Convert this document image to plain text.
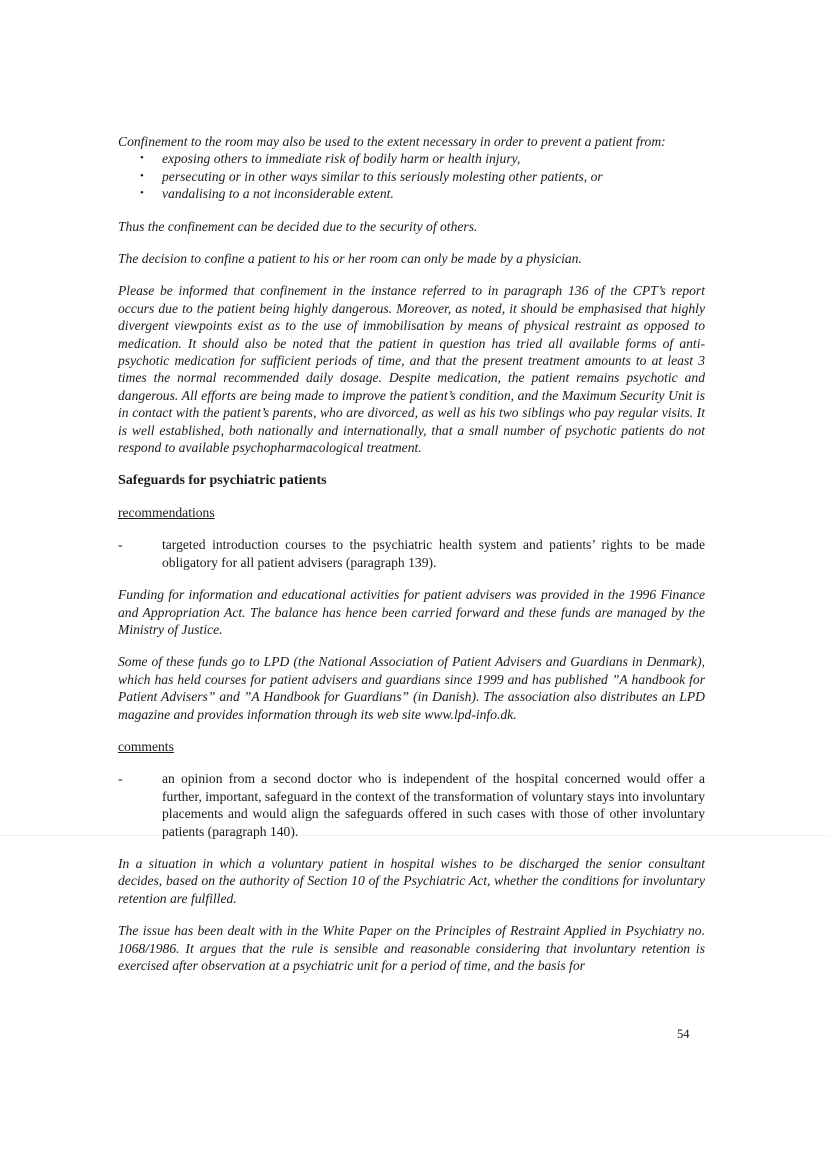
Confinement to the room may also be used to the extent necessary in order to prevent a patient from:

• exposing others to immediate risk of bodily harm or health injury,
• persecuting or in other ways similar to this seriously molesting other patients, or
• vandalising to a not inconsiderable extent.

Thus the confinement can be decided due to the security of others.

The decision to confine a patient to his or her room can only be made by a physician.

Please be informed that confinement in the instance referred to in paragraph 136 of the CPT’s report occurs due to the patient being highly dangerous. Moreover, as noted, it should be emphasised that highly divergent viewpoints exist as to the use of immobilisation by means of physical restraint as opposed to medication. It should also be noted that the patient in question has tried all available forms of anti-psychotic medication for sufficient periods of time, and that the present treatment amounts to at least 3 times the normal recommended daily dosage. Despite medication, the patient remains psychotic and dangerous. All efforts are being made to improve the patient’s condition, and the Maximum Security Unit is in contact with the patient’s parents, who are divorced, as well as his two siblings who pay regular visits. It is well established, both nationally and internationally, that a small number of psychotic patients do not respond to available psychopharmacological treatment.

Safeguards for psychiatric patients

recommendations

-	targeted introduction courses to the psychiatric health system and patients’ rights to be made obligatory for all patient advisers (paragraph 139).

Funding for information and educational activities for patient advisers was provided in the 1996 Finance and Appropriation Act. The balance has hence been carried forward and these funds are managed by the Ministry of Justice.

Some of these funds go to LPD (the National Association of Patient Advisers and Guardians in Denmark), which has held courses for patient advisers and guardians since 1999 and has published ”A handbook for Patient Advisers” and ”A Handbook for Guardians” (in Danish). The association also distributes an LPD magazine and provides information through its web site www.lpd-info.dk.

comments

-	an opinion from a second doctor who is independent of the hospital concerned would offer a further, important, safeguard in the context of the transformation of voluntary stays into involuntary placements and would align the safeguards offered in such cases with those of other involuntary patients (paragraph 140).

In a situation in which a voluntary patient in hospital wishes to be discharged the senior consultant decides, based on the authority of Section 10 of the Psychiatric Act, whether the conditions for involuntary retention are fulfilled.

The issue has been dealt with in the White Paper on the Principles of Restraint Applied in Psychiatry no. 1068/1986. It argues that the rule is sensible and reasonable considering that involuntary retention is exercised after observation at a psychiatric unit for a period of time, and the basis for

54
